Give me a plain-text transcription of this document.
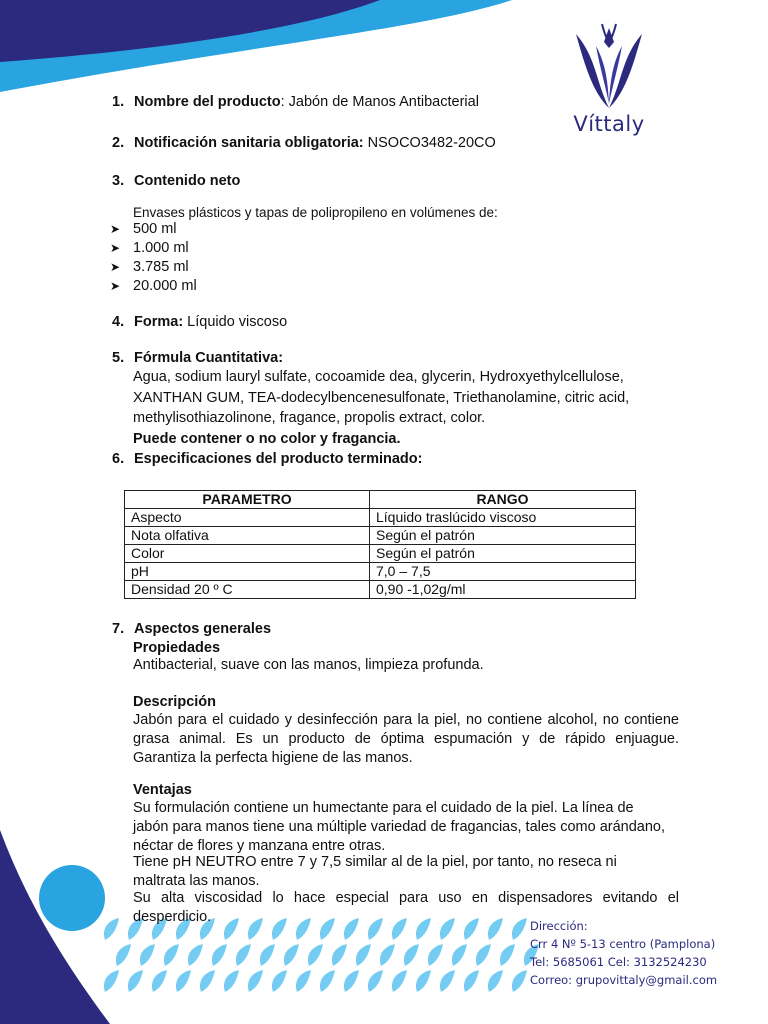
Víttaly
1. Nombre del producto: Jabón de Manos Antibacterial
2. Notificación sanitaria obligatoria: NSOCO3482-20CO
3. Contenido neto
Envases plásticos y tapas de polipropileno en volúmenes de:
➤ 500 ml
➤ 1.000 ml
➤ 3.785 ml
➤ 20.000 ml
4. Forma: Líquido viscoso
5. Fórmula Cuantitativa:
Agua, sodium lauryl sulfate, cocoamide dea, glycerin, Hydroxyethylcellulose, XANTHAN GUM, TEA-dodecylbencenesulfonate, Triethanolamine, citric acid, methylisothiazolinone, fragance, propolis extract, color.
Puede contener o no color y fragancia.
6. Especificaciones del producto terminado:
PARAMETRO	RANGO
Aspecto	Líquido traslúcido viscoso
Nota olfativa	Según el patrón
Color	Según el patrón
pH	7,0 – 7,5
Densidad 20 º C	0,90 -1,02g/ml
7. Aspectos generales
Propiedades
Antibacterial, suave con las manos, limpieza profunda.
Descripción
Jabón para el cuidado y desinfección para la piel, no contiene alcohol, no contiene grasa animal. Es un producto de óptima espumación y de rápido enjuague. Garantiza la perfecta higiene de las manos.
Ventajas
Su formulación contiene un humectante para el cuidado de la piel. La línea de jabón para manos tiene una múltiple variedad de fragancias, tales como arándano, néctar de flores y manzana entre otras.
Tiene pH NEUTRO entre 7 y 7,5 similar al de la piel, por tanto, no reseca ni maltrata las manos.
Su alta viscosidad lo hace especial para uso en dispensadores evitando el desperdicio.
Dirección:
Crr 4 Nº 5-13 centro (Pamplona)
Tel: 5685061 Cel: 3132524230
Correo: grupovittaly@gmail.com
